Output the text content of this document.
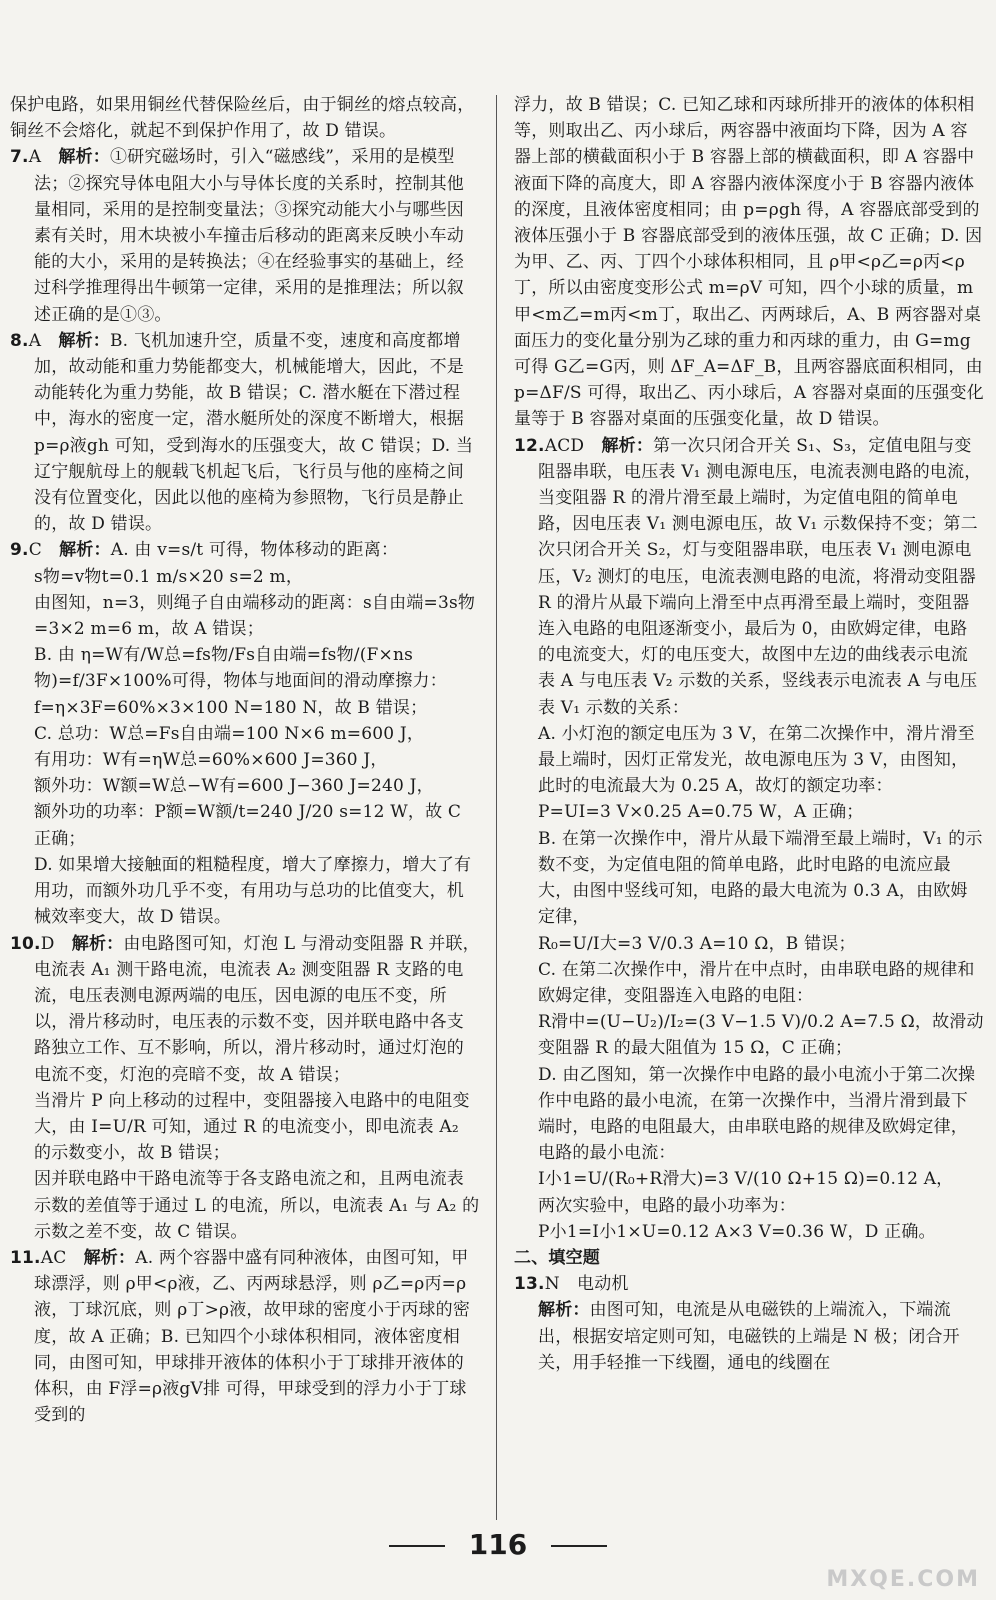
保护电路，如果用铜丝代替保险丝后，由于铜丝的熔点较高，铜丝不会熔化，就起不到保护作用了，故 D 错误。

7.A  解析：①研究磁场时，引入“磁感线”，采用的是模型法；②探究导体电阻大小与导体长度的关系时，控制其他量相同，采用的是控制变量法；③探究动能大小与哪些因素有关时，用木块被小车撞击后移动的距离来反映小车动能的大小，采用的是转换法；④在经验事实的基础上，经过科学推理得出牛顿第一定律，采用的是推理法；所以叙述正确的是①③。

8.A  解析：B. 飞机加速升空，质量不变，速度和高度都增加，故动能和重力势能都变大，机械能增大，因此，不是动能转化为重力势能，故 B 错误；C. 潜水艇在下潜过程中，海水的密度一定，潜水艇所处的深度不断增大，根据 p=ρ液gh 可知，受到海水的压强变大，故 C 错误；D. 当辽宁舰航母上的舰载飞机起飞后，飞行员与他的座椅之间没有位置变化，因此以他的座椅为参照物，飞行员是静止的，故 D 错误。

9.C  解析：A. 由 v=s/t 可得，物体移动的距离：

s物=v物t=0.1 m/s×20 s=2 m，

由图知，n=3，则绳子自由端移动的距离：s自由端=3s物=3×2 m=6 m，故 A 错误；

B. 由 η=W有/W总=fs物/Fs自由端=fs物/(F×ns物)=f/3F×100%可得，物体与地面间的滑动摩擦力：f=η×3F=60%×3×100 N=180 N，故 B 错误；

C. 总功：W总=Fs自由端=100 N×6 m=600 J，

有用功：W有=ηW总=60%×600 J=360 J，

额外功：W额=W总−W有=600 J−360 J=240 J，

额外功的功率：P额=W额/t=240 J/20 s=12 W，故 C 正确；

D. 如果增大接触面的粗糙程度，增大了摩擦力，增大了有用功，而额外功几乎不变，有用功与总功的比值变大，机械效率变大，故 D 错误。

10.D  解析：由电路图可知，灯泡 L 与滑动变阻器 R 并联，电流表 A₁ 测干路电流，电流表 A₂ 测变阻器 R 支路的电流，电压表测电源两端的电压，因电源的电压不变，所以，滑片移动时，电压表的示数不变，因并联电路中各支路独立工作、互不影响，所以，滑片移动时，通过灯泡的电流不变，灯泡的亮暗不变，故 A 错误；

当滑片 P 向上移动的过程中，变阻器接入电路中的电阻变大，由 I=U/R 可知，通过 R 的电流变小，即电流表 A₂ 的示数变小，故 B 错误；

因并联电路中干路电流等于各支路电流之和，且两电流表示数的差值等于通过 L 的电流，所以，电流表 A₁ 与 A₂ 的示数之差不变，故 C 错误。

11.AC  解析：A. 两个容器中盛有同种液体，由图可知，甲球漂浮，则 ρ甲<ρ液，乙、丙两球悬浮，则 ρ乙=ρ丙=ρ液，丁球沉底，则 ρ丁>ρ液，故甲球的密度小于丙球的密度，故 A 正确；B. 已知四个小球体积相同，液体密度相同，由图可知，甲球排开液体的体积小于丁球排开液体的体积，由 F浮=ρ液gV排 可得，甲球受到的浮力小于丁球受到的

浮力，故 B 错误；C. 已知乙球和丙球所排开的液体的体积相等，则取出乙、丙小球后，两容器中液面均下降，因为 A 容器上部的横截面积小于 B 容器上部的横截面积，即 A 容器中液面下降的高度大，即 A 容器内液体深度小于 B 容器内液体的深度，且液体密度相同；由 p=ρgh 得，A 容器底部受到的液体压强小于 B 容器底部受到的液体压强，故 C 正确；D. 因为甲、乙、丙、丁四个小球体积相同，且 ρ甲<ρ乙=ρ丙<ρ丁，所以由密度变形公式 m=ρV 可知，四个小球的质量，m甲<m乙=m丙<m丁，取出乙、丙两球后，A、B 两容器对桌面压力的变化量分别为乙球的重力和丙球的重力，由 G=mg 可得 G乙=G丙，则 ΔF_A=ΔF_B，且两容器底面积相同，由 p=ΔF/S 可得，取出乙、丙小球后，A 容器对桌面的压强变化量等于 B 容器对桌面的压强变化量，故 D 错误。

12.ACD  解析：第一次只闭合开关 S₁、S₃，定值电阻与变阻器串联，电压表 V₁ 测电源电压，电流表测电路的电流，当变阻器 R 的滑片滑至最上端时，为定值电阻的简单电路，因电压表 V₁ 测电源电压，故 V₁ 示数保持不变；第二次只闭合开关 S₂，灯与变阻器串联，电压表 V₁ 测电源电压，V₂ 测灯的电压，电流表测电路的电流，将滑动变阻器 R 的滑片从最下端向上滑至中点再滑至最上端时，变阻器连入电路的电阻逐渐变小，最后为 0，由欧姆定律，电路的电流变大，灯的电压变大，故图中左边的曲线表示电流表 A 与电压表 V₂ 示数的关系，竖线表示电流表 A 与电压表 V₁ 示数的关系：

A. 小灯泡的额定电压为 3 V，在第二次操作中，滑片滑至最上端时，因灯正常发光，故电源电压为 3 V，由图知，此时的电流最大为 0.25 A，故灯的额定功率：

P=UI=3 V×0.25 A=0.75 W，A 正确；

B. 在第一次操作中，滑片从最下端滑至最上端时，V₁ 的示数不变，为定值电阻的简单电路，此时电路的电流应最大，由图中竖线可知，电路的最大电流为 0.3 A，由欧姆定律，

R₀=U/I大=3 V/0.3 A=10 Ω，B 错误；

C. 在第二次操作中，滑片在中点时，由串联电路的规律和欧姆定律，变阻器连入电路的电阻：

R滑中=(U−U₂)/I₂=(3 V−1.5 V)/0.2 A=7.5 Ω，故滑动变阻器 R 的最大阻值为 15 Ω，C 正确；

D. 由乙图知，第一次操作中电路的最小电流小于第二次操作中电路的最小电流，在第一次操作中，当滑片滑到最下端时，电路的电阻最大，由串联电路的规律及欧姆定律，电路的最小电流：

I小1=U/(R₀+R滑大)=3 V/(10 Ω+15 Ω)=0.12 A，

两次实验中，电路的最小功率为：

P小1=I小1×U=0.12 A×3 V=0.36 W，D 正确。

二、填空题

13.N　电动机 

解析：由图可知，电流是从电磁铁的上端流入，下端流出，根据安培定则可知，电磁铁的上端是 N 极；闭合开关，用手轻推一下线圈，通电的线圈在

116
MXQE.COM
